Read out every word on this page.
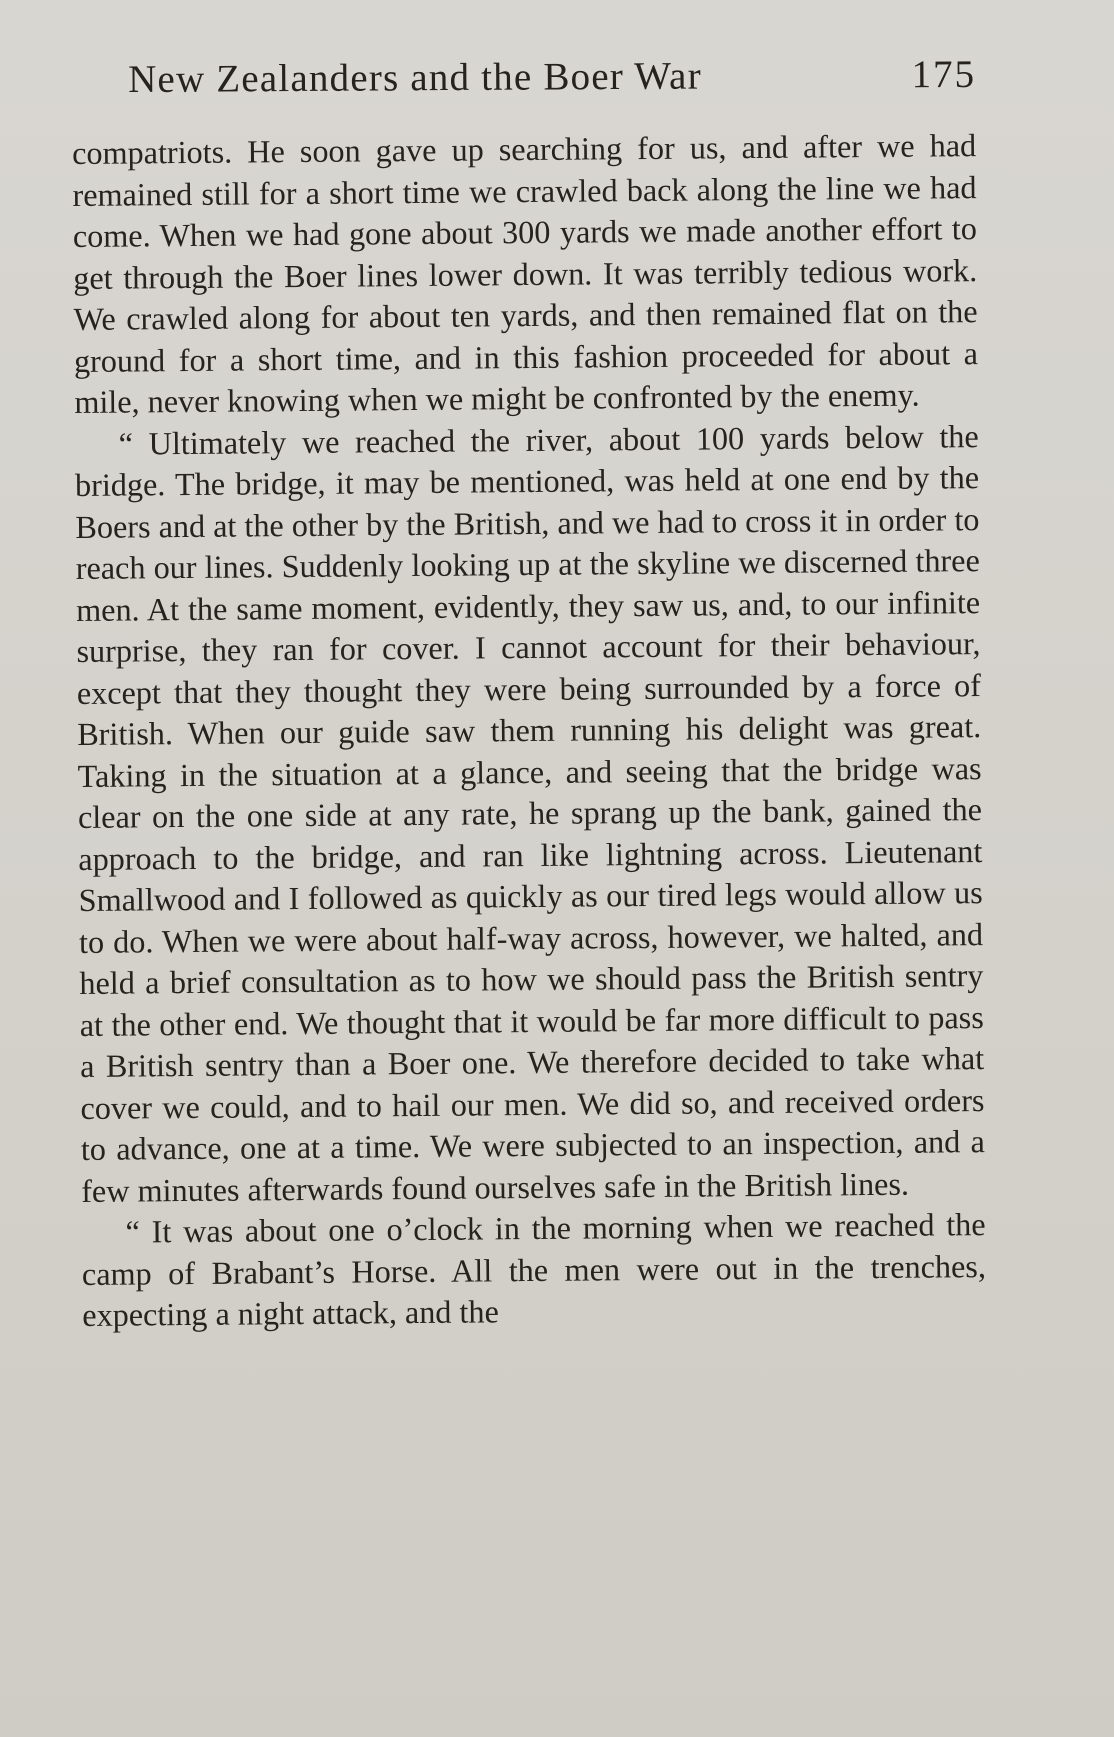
New Zealanders and the Boer War	175

compatriots. He soon gave up searching for us, and after we had remained still for a short time we crawled back along the line we had come. When we had gone about 300 yards we made another effort to get through the Boer lines lower down. It was terribly tedious work. We crawled along for about ten yards, and then remained flat on the ground for a short time, and in this fashion proceeded for about a mile, never knowing when we might be confronted by the enemy.

“ Ultimately we reached the river, about 100 yards below the bridge. The bridge, it may be mentioned, was held at one end by the Boers and at the other by the British, and we had to cross it in order to reach our lines. Suddenly looking up at the skyline we discerned three men. At the same moment, evidently, they saw us, and, to our infinite surprise, they ran for cover. I cannot account for their behaviour, except that they thought they were being surrounded by a force of British. When our guide saw them running his delight was great. Taking in the situation at a glance, and seeing that the bridge was clear on the one side at any rate, he sprang up the bank, gained the approach to the bridge, and ran like lightning across. Lieutenant Smallwood and I followed as quickly as our tired legs would allow us to do. When we were about half-way across, however, we halted, and held a brief consultation as to how we should pass the British sentry at the other end. We thought that it would be far more difficult to pass a British sentry than a Boer one. We therefore decided to take what cover we could, and to hail our men. We did so, and received orders to advance, one at a time. We were subjected to an inspection, and a few minutes afterwards found ourselves safe in the British lines.

“ It was about one o’clock in the morning when we reached the camp of Brabant’s Horse. All the men were out in the trenches, expecting a night attack, and the
